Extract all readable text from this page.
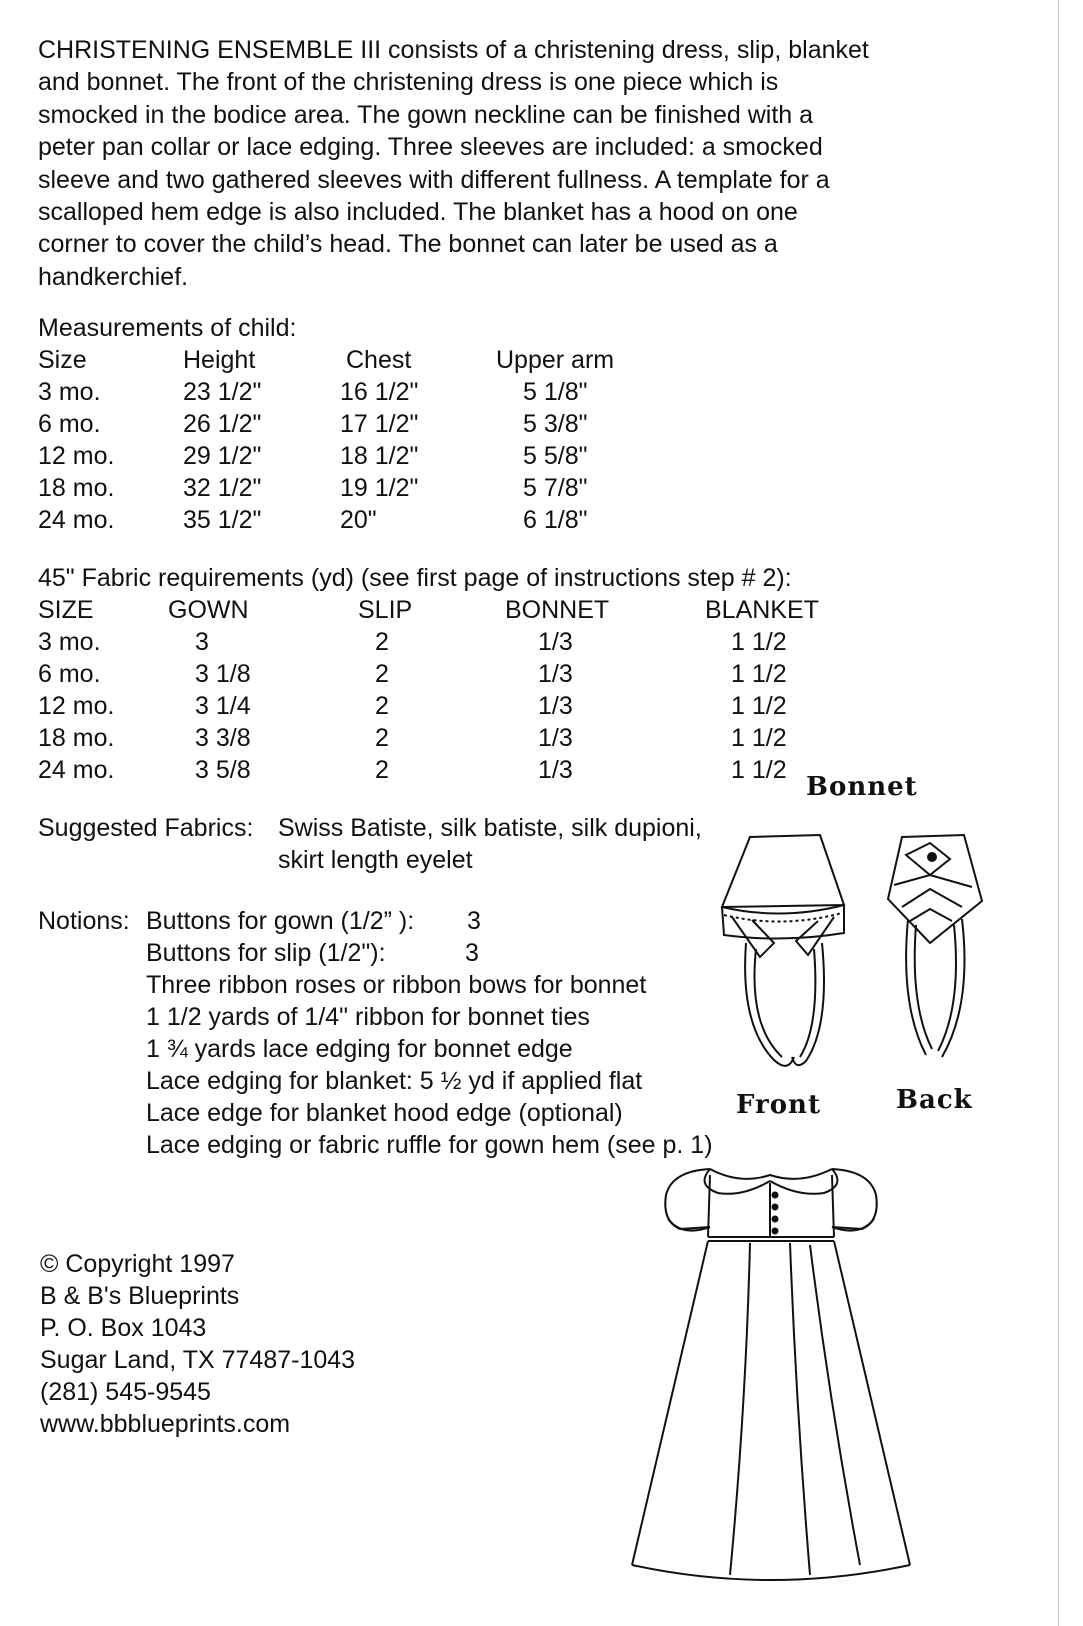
CHRISTENING ENSEMBLE III consists of a christening dress, slip, blanket
and bonnet. The front of the christening dress is one piece which is
smocked in the bodice area. The gown neckline can be finished with a
peter pan collar or lace edging. Three sleeves are included: a smocked
sleeve and two gathered sleeves with different fullness. A template for a
scalloped hem edge is also included. The blanket has a hood on one
corner to cover the child’s head. The bonnet can later be used as a
handkerchief.
Measurements of child:
Size	Height	Chest	Upper arm
3 mo.	23 1/2"	16 1/2"	5 1/8"
6 mo.	26 1/2"	17 1/2"	5 3/8"
12 mo.	29 1/2"	18 1/2"	5 5/8"
18 mo.	32 1/2"	19 1/2"	5 7/8"
24 mo.	35 1/2"	20"	6 1/8"
45" Fabric requirements (yd) (see first page of instructions step # 2):
SIZE	GOWN	SLIP	BONNET	BLANKET
3 mo.	3	2	1/3	1 1/2
6 mo.	3 1/8	2	1/3	1 1/2
12 mo.	3 1/4	2	1/3	1 1/2
18 mo.	3 3/8	2	1/3	1 1/2
24 mo.	3 5/8	2	1/3	1 1/2
Suggested Fabrics: Swiss Batiste, silk batiste, silk dupioni,
skirt length eyelet
Notions: Buttons for gown (1/2” ): 3
Buttons for slip (1/2"):	3
Three ribbon roses or ribbon bows for bonnet
1 1/2 yards of 1/4" ribbon for bonnet ties
1 ¾ yards lace edging for bonnet edge
Lace edging for blanket: 5 ½ yd if applied flat
Lace edge for blanket hood edge (optional)
Lace edging or fabric ruffle for gown hem (see p. 1)
© Copyright 1997
B & B's Blueprints
P. O. Box 1043
Sugar Land, TX 77487-1043
(281) 545-9545
www.bbblueprints.com
Bonnet
Front	Back
